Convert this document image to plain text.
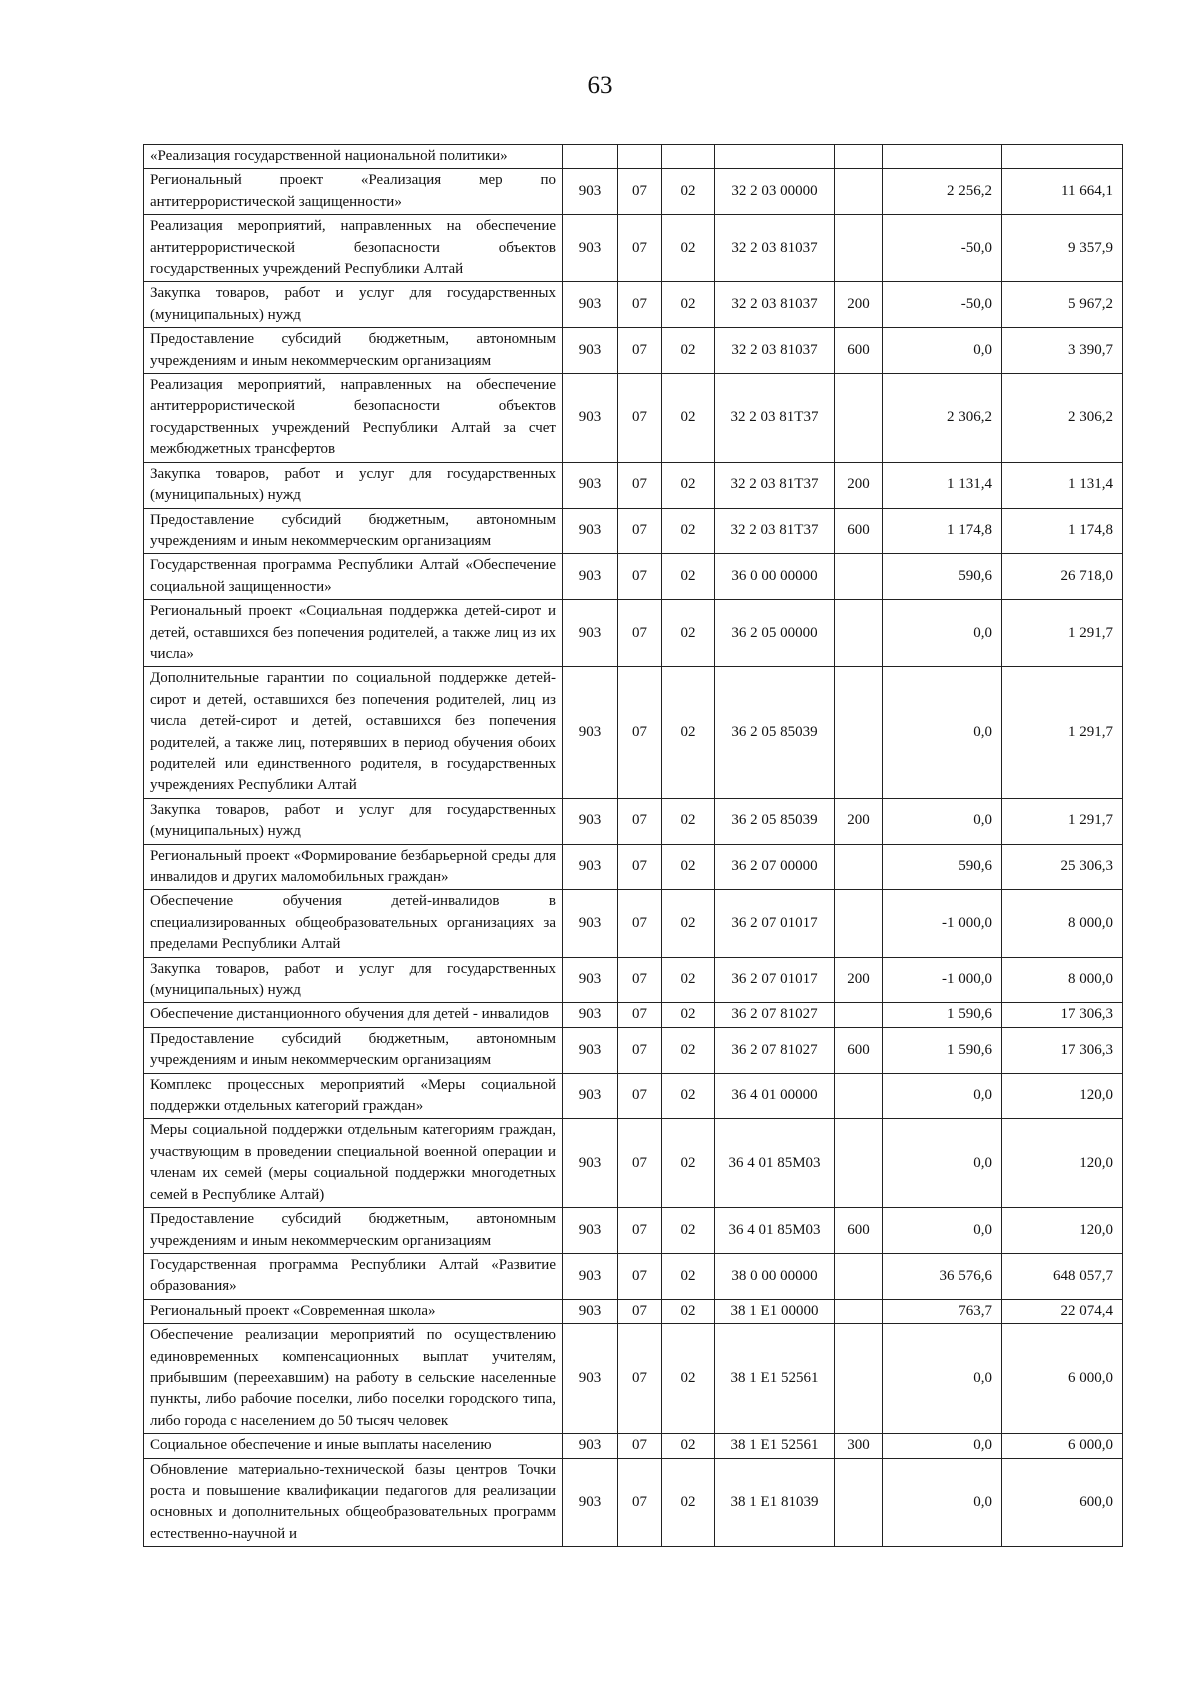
63
«Реализация государственной национальной политики»							
Региональный проект «Реализация мер по антитеррористической защищенности»	903	07	02	32 2 03 00000		2 256,2	11 664,1
Реализация мероприятий, направленных на обеспечение антитеррористической безопасности объектов государственных учреждений Республики Алтай	903	07	02	32 2 03 81037		-50,0	9 357,9
Закупка товаров, работ и услуг для государственных (муниципальных) нужд	903	07	02	32 2 03 81037	200	-50,0	5 967,2
Предоставление субсидий бюджетным, автономным учреждениям и иным некоммерческим организациям	903	07	02	32 2 03 81037	600	0,0	3 390,7
Реализация мероприятий, направленных на обеспечение антитеррористической безопасности объектов государственных учреждений Республики Алтай за счет межбюджетных трансфертов	903	07	02	32 2 03 81Т37		2 306,2	2 306,2
Закупка товаров, работ и услуг для государственных (муниципальных) нужд	903	07	02	32 2 03 81Т37	200	1 131,4	1 131,4
Предоставление субсидий бюджетным, автономным учреждениям и иным некоммерческим организациям	903	07	02	32 2 03 81Т37	600	1 174,8	1 174,8
Государственная программа Республики Алтай «Обеспечение социальной защищенности»	903	07	02	36 0 00 00000		590,6	26 718,0
Региональный проект «Социальная поддержка детей-сирот и детей, оставшихся без попечения родителей, а также лиц из их числа»	903	07	02	36 2 05 00000		0,0	1 291,7
Дополнительные гарантии по социальной поддержке детей-сирот и детей, оставшихся без попечения родителей, лиц из числа детей-сирот и детей, оставшихся без попечения родителей, а также лиц, потерявших в период обучения обоих родителей или единственного родителя, в государственных учреждениях Республики Алтай	903	07	02	36 2 05 85039		0,0	1 291,7
Закупка товаров, работ и услуг для государственных (муниципальных) нужд	903	07	02	36 2 05 85039	200	0,0	1 291,7
Региональный проект «Формирование безбарьерной среды для инвалидов и других маломобильных граждан»	903	07	02	36 2 07 00000		590,6	25 306,3
Обеспечение обучения детей-инвалидов в специализированных общеобразовательных организациях за пределами Республики Алтай	903	07	02	36 2 07 01017		-1 000,0	8 000,0
Закупка товаров, работ и услуг для государственных (муниципальных) нужд	903	07	02	36 2 07 01017	200	-1 000,0	8 000,0
Обеспечение дистанционного обучения для детей - инвалидов	903	07	02	36 2 07 81027		1 590,6	17 306,3
Предоставление субсидий бюджетным, автономным учреждениям и иным некоммерческим организациям	903	07	02	36 2 07 81027	600	1 590,6	17 306,3
Комплекс процессных мероприятий «Меры социальной поддержки отдельных категорий граждан»	903	07	02	36 4 01 00000		0,0	120,0
Меры социальной поддержки отдельным категориям граждан, участвующим в проведении специальной военной операции и членам их семей (меры социальной поддержки многодетных семей в Республике Алтай)	903	07	02	36 4 01 85М03		0,0	120,0
Предоставление субсидий бюджетным, автономным учреждениям и иным некоммерческим организациям	903	07	02	36 4 01 85М03	600	0,0	120,0
Государственная программа Республики Алтай «Развитие образования»	903	07	02	38 0 00 00000		36 576,6	648 057,7
Региональный проект «Современная школа»	903	07	02	38 1 Е1 00000		763,7	22 074,4
Обеспечение реализации мероприятий по осуществлению единовременных компенсационных выплат учителям, прибывшим (переехавшим) на работу в сельские населенные пункты, либо рабочие поселки, либо поселки городского типа, либо города с населением до 50 тысяч человек	903	07	02	38 1 Е1 52561		0,0	6 000,0
Социальное обеспечение и иные выплаты населению	903	07	02	38 1 Е1 52561	300	0,0	6 000,0
Обновление материально-технической базы центров Точки роста и повышение квалификации педагогов для реализации основных и дополнительных общеобразовательных программ естественно-научной и	903	07	02	38 1 Е1 81039		0,0	600,0
